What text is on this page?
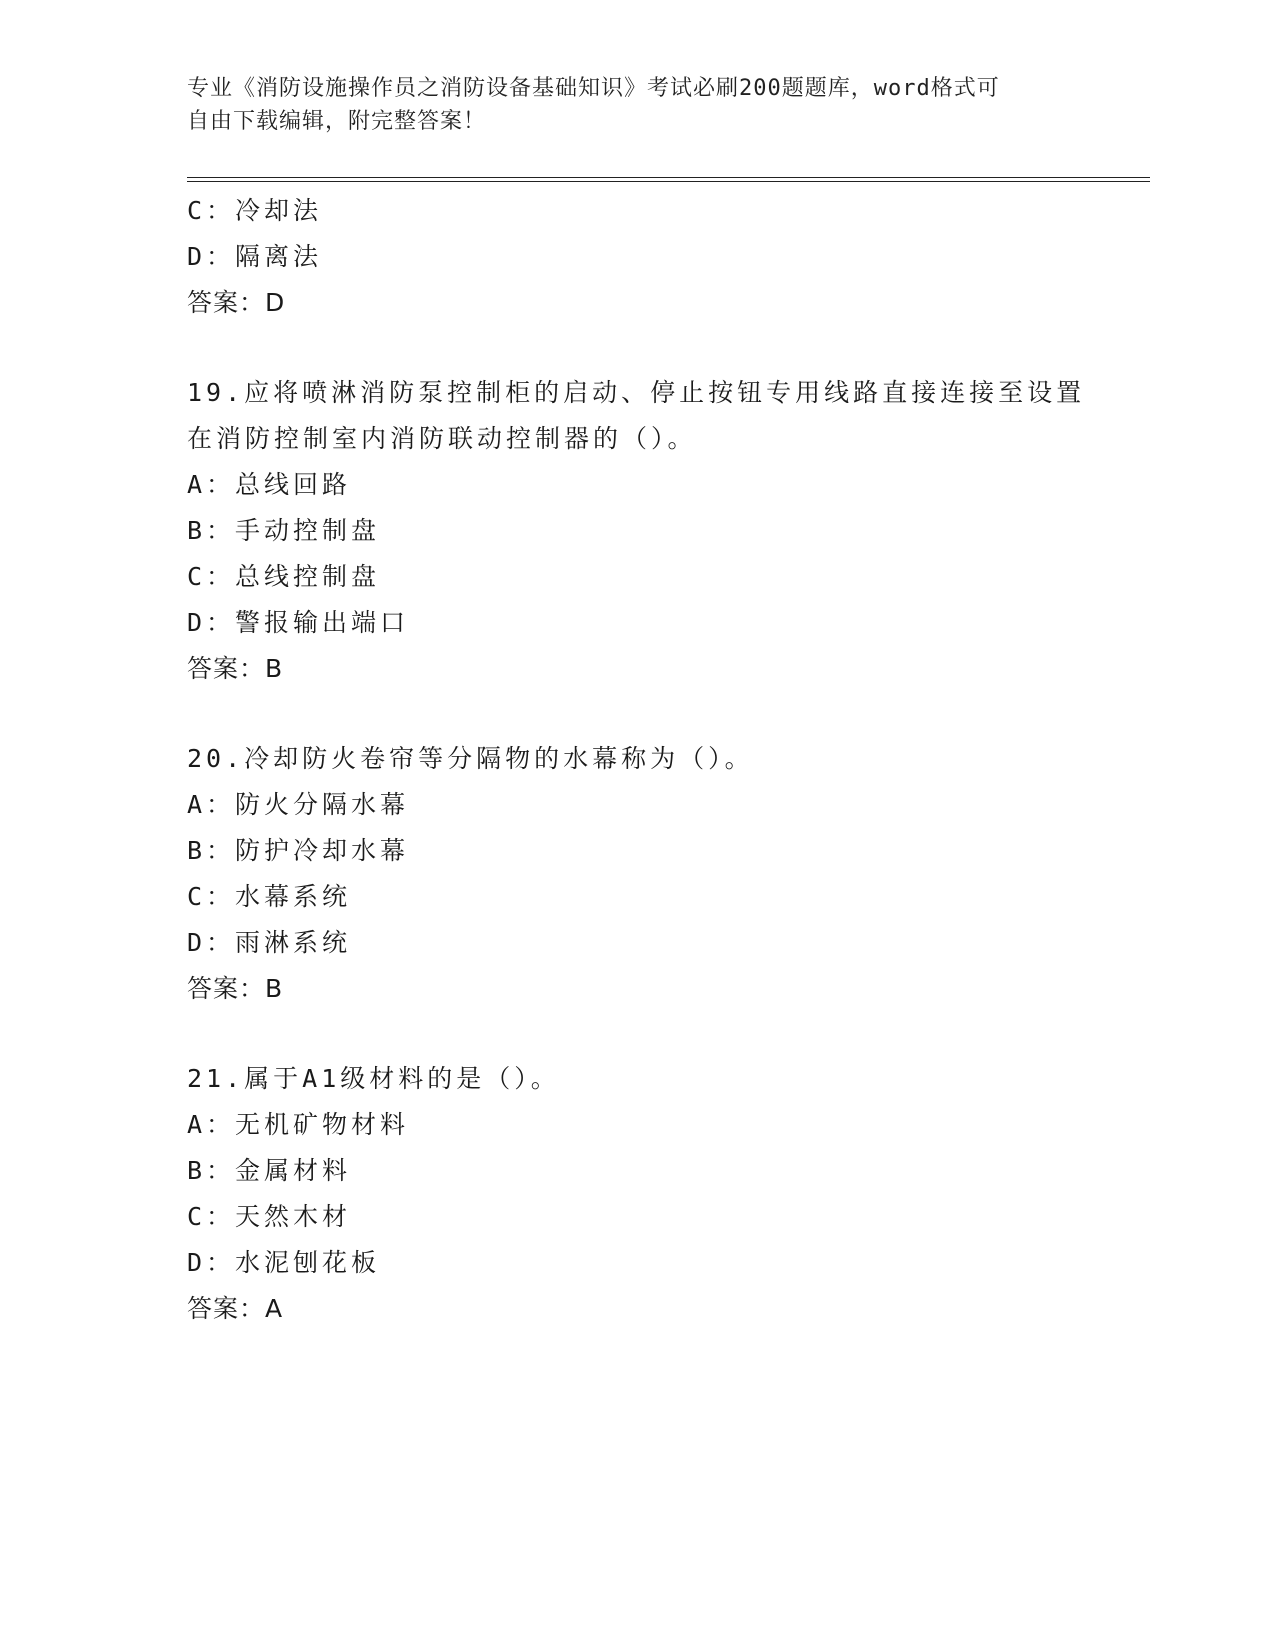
专业《消防设施操作员之消防设备基础知识》考试必刷200题题库，word格式可
自由下载编辑，附完整答案！
C：冷却法
D：隔离法
答案：D
19.应将喷淋消防泵控制柜的启动、停止按钮专用线路直接连接至设置
在消防控制室内消防联动控制器的（）。
A：总线回路
B：手动控制盘
C：总线控制盘
D：警报输出端口
答案：B
20.冷却防火卷帘等分隔物的水幕称为（）。
A：防火分隔水幕
B：防护冷却水幕
C：水幕系统
D：雨淋系统
答案：B
21.属于A1级材料的是（）。
A：无机矿物材料
B：金属材料
C：天然木材
D：水泥刨花板
答案：A
